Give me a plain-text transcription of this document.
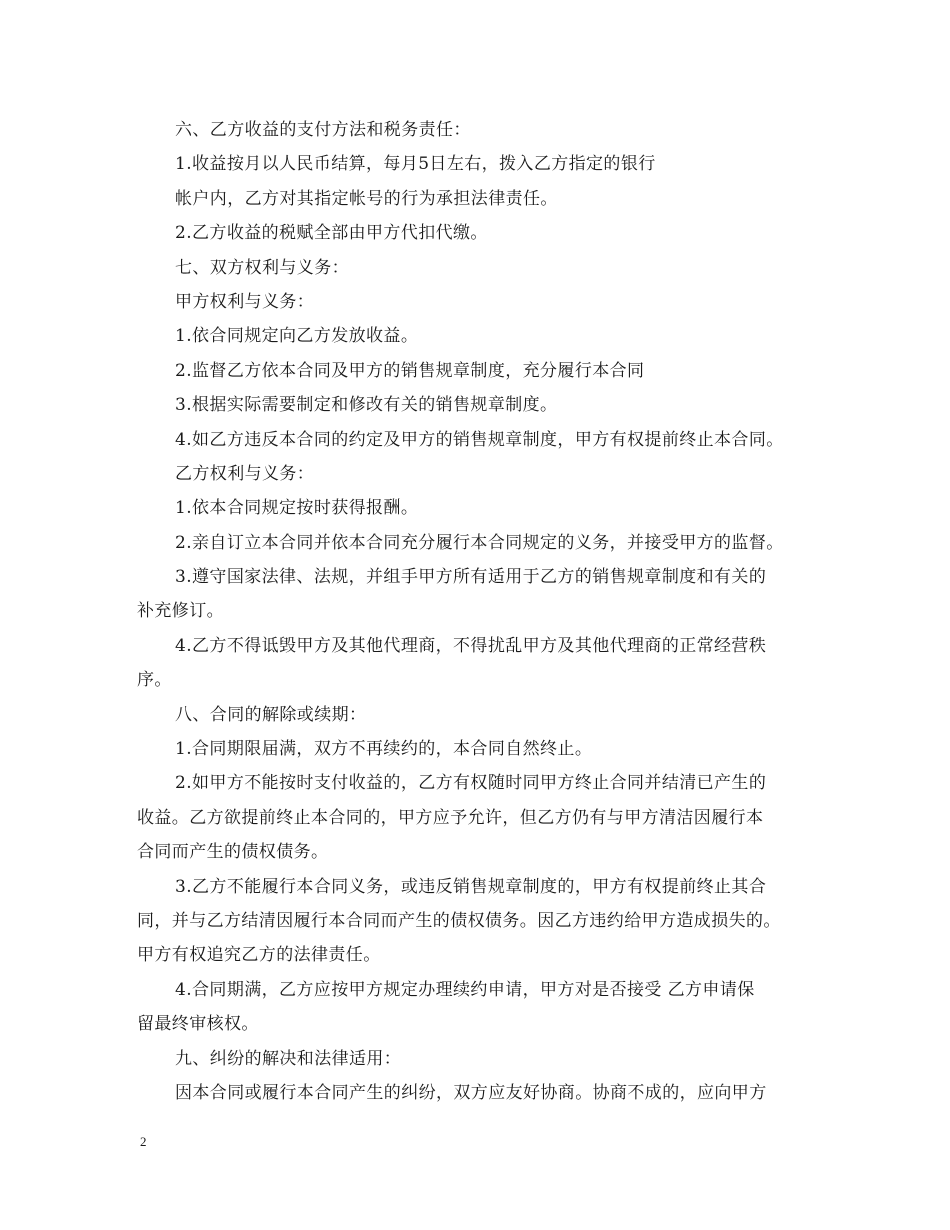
六、乙方收益的支付方法和税务责任：
1.收益按月以人民币结算，每月5日左右，拨入乙方指定的银行
帐户内，乙方对其指定帐号的行为承担法律责任。
2.乙方收益的税赋全部由甲方代扣代缴。
七、双方权利与义务：
甲方权利与义务：
1.依合同规定向乙方发放收益。
2.监督乙方依本合同及甲方的销售规章制度，充分履行本合同
3.根据实际需要制定和修改有关的销售规章制度。
4.如乙方违反本合同的约定及甲方的销售规章制度，甲方有权提前终止本合同。
乙方权利与义务：
1.依本合同规定按时获得报酬。
2.亲自订立本合同并依本合同充分履行本合同规定的义务，并接受甲方的监督。
3.遵守国家法律、法规，并组手甲方所有适用于乙方的销售规章制度和有关的
补充修订。
4.乙方不得诋毁甲方及其他代理商，不得扰乱甲方及其他代理商的正常经营秩
序。
八、合同的解除或续期：
1.合同期限届满，双方不再续约的，本合同自然终止。
2.如甲方不能按时支付收益的，乙方有权随时同甲方终止合同并结清已产生的
收益。乙方欲提前终止本合同的，甲方应予允许，但乙方仍有与甲方清洁因履行本
合同而产生的债权债务。
3.乙方不能履行本合同义务，或违反销售规章制度的，甲方有权提前终止其合
同，并与乙方结清因履行本合同而产生的债权债务。因乙方违约给甲方造成损失的。
甲方有权追究乙方的法律责任。
4.合同期满，乙方应按甲方规定办理续约申请，甲方对是否接受 乙方申请保
留最终审核权。
九、纠纷的解决和法律适用：
因本合同或履行本合同产生的纠纷，双方应友好协商。协商不成的，应向甲方
2
